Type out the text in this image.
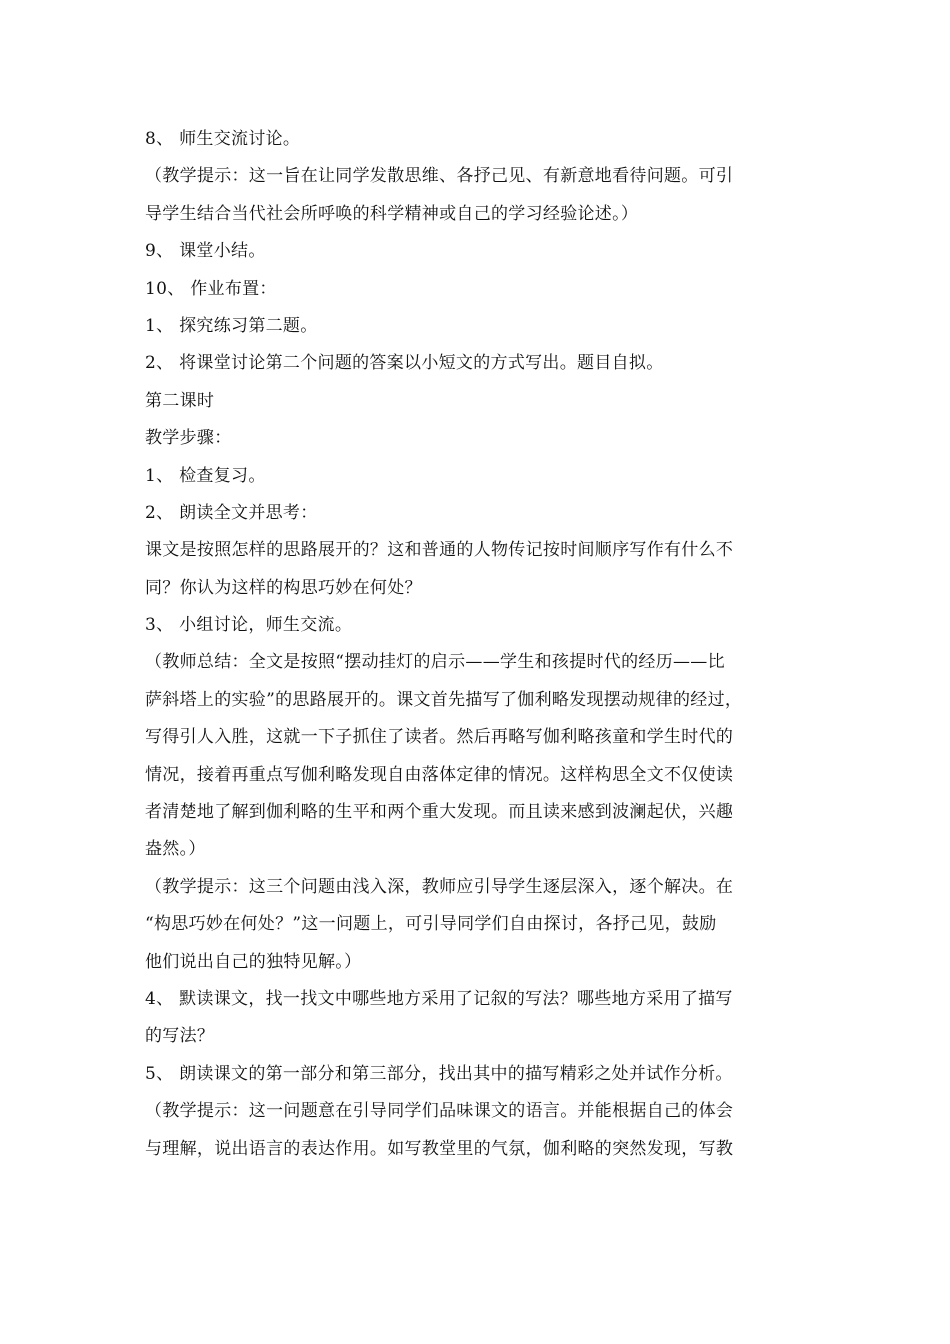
8、 师生交流讨论。
（教学提示：这一旨在让同学发散思维、各抒己见、有新意地看待问题。可引
导学生结合当代社会所呼唤的科学精神或自己的学习经验论述。）
9、 课堂小结。
10、 作业布置：
1、 探究练习第二题。
2、 将课堂讨论第二个问题的答案以小短文的方式写出。题目自拟。
第二课时
教学步骤：
1、 检查复习。
2、 朗读全文并思考：
课文是按照怎样的思路展开的？这和普通的人物传记按时间顺序写作有什么不
同？你认为这样的构思巧妙在何处？
3、 小组讨论，师生交流。
（教师总结：全文是按照“摆动挂灯的启示——学生和孩提时代的经历——比
萨斜塔上的实验”的思路展开的。课文首先描写了伽利略发现摆动规律的经过，
写得引人入胜，这就一下子抓住了读者。然后再略写伽利略孩童和学生时代的
情况，接着再重点写伽利略发现自由落体定律的情况。这样构思全文不仅使读
者清楚地了解到伽利略的生平和两个重大发现。而且读来感到波澜起伏，兴趣
盎然。）
（教学提示：这三个问题由浅入深，教师应引导学生逐层深入，逐个解决。在
“构思巧妙在何处？”这一问题上，可引导同学们自由探讨，各抒己见，鼓励
他们说出自己的独特见解。）
4、 默读课文，找一找文中哪些地方采用了记叙的写法？哪些地方采用了描写
的写法？
5、 朗读课文的第一部分和第三部分，找出其中的描写精彩之处并试作分析。
（教学提示：这一问题意在引导同学们品味课文的语言。并能根据自己的体会
与理解，说出语言的表达作用。如写教堂里的气氛，伽利略的突然发现，写教
